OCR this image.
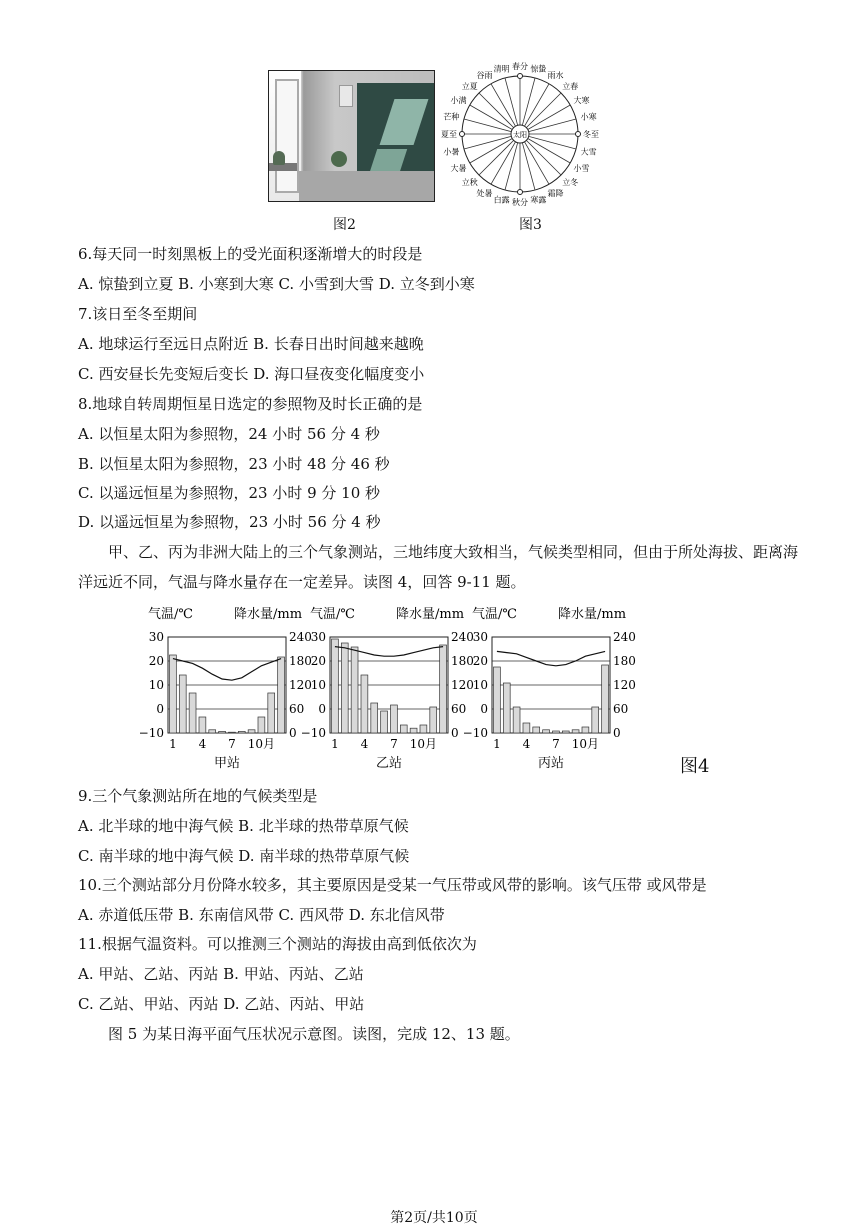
图2
太阳
春分 惊蛰
雨水
立春
大寒
小寒
冬至
大雪
小雪
立冬
霜降
寒露
秋分
白露
处暑
立秋
大暑
小暑
夏至
芒种
小满
立夏
谷雨
清明
图3
6.每天同一时刻黑板上的受光面积逐渐增大的时段是
A. 惊蛰到立夏 B. 小寒到大寒 C. 小雪到大雪 D. 立冬到小寒
7.该日至冬至期间
A. 地球运行至远日点附近 B. 长春日出时间越来越晚
C. 西安昼长先变短后变长 D. 海口昼夜变化幅度变小
8.地球自转周期恒星日选定的参照物及时长正确的是
A. 以恒星太阳为参照物，24 小时 56 分 4 秒
B. 以恒星太阳为参照物，23 小时 48 分 46 秒
C. 以遥远恒星为参照物，23 小时 9 分 10 秒
D. 以遥远恒星为参照物，23 小时 56 分 4 秒
甲、乙、丙为非洲大陆上的三个气象测站，三地纬度大致相当，气候类型相同，但由于所处海拔、距离海洋远近不同，气温与降水量存在一定差异。读图 4，回答 9-11 题。
气温/℃	降水量/mm
30
20
10
0
−10
240
180
120
60
0
1 4 7 10月
甲站
气温/℃	降水量/mm
30
20
10
0
−10
240
180
120
60
0
1 4 7 10月
乙站
气温/℃	降水量/mm
30
20
10
0
−10
240
180
120
60
0
1 4 7 10月
丙站	图4
9.三个气象测站所在地的气候类型是
A. 北半球的地中海气候 B. 北半球的热带草原气候
C. 南半球的地中海气候 D. 南半球的热带草原气候
10.三个测站部分月份降水较多，其主要原因是受某一气压带或风带的影响。该气压带 或风带是
A. 赤道低压带 B. 东南信风带 C. 西风带 D. 东北信风带
11.根据气温资料。可以推测三个测站的海拔由高到低依次为
A. 甲站、乙站、丙站 B. 甲站、丙站、乙站
C. 乙站、甲站、丙站 D. 乙站、丙站、甲站
图 5 为某日海平面气压状况示意图。读图，完成 12、13 题。
第2页/共10页
